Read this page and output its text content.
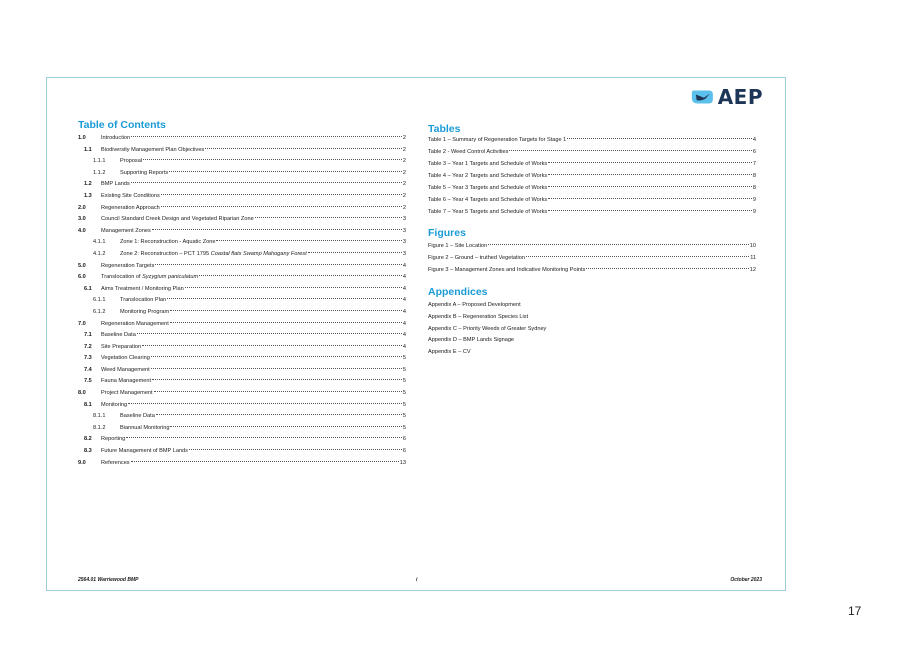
AEP
Table of Contents
1.0	Introduction	2
1.1 Biodiversity Management Plan Objectives	2
1.1.1	Proposal	2
1.1.2	Supporting Reports	2
1.2 BMP Lands	2
1.3 Existing Site Conditions	2
2.0	Regeneration Approach	2
3.0	Council Standard Creek Design and Vegetated Riparian Zone	3
4.0	Management Zones	3
4.1.1	Zone 1: Reconstruction - Aquatic Zone	3
4.1.2	Zone 2: Reconstruction – PCT 1795 Coastal flats Swamp Mahogany Forest	3
5.0	Regeneration Targets	4
6.0	Translocation of Syzygium paniculatum	4
6.1 Aims Treatment / Monitoring Plan	4
6.1.1	Translocation Plan	4
6.1.2	Monitoring Program	4
7.0	Regeneration Management	4
7.1 Baseline Data	4
7.2 Site Preparation	4
7.3 Vegetation Clearing	5
7.4 Weed Management	5
7.5 Fauna Management	5
8.0	Project Management	5
8.1 Monitoring	5
8.1.1	Baseline Data	5
8.1.2	Biannual Monitoring	5
8.2 Reporting	6
8.3 Future Management of BMP Lands	6
9.0	References	13
Tables
Table 1 – Summary of Regeneration Targets for Stage 1	4
Table 2 - Weed Control Activities	6
Table 3 – Year 1 Targets and Schedule of Works	7
Table 4 – Year 2 Targets and Schedule of Works	8
Table 5 – Year 3 Targets and Schedule of Works	8
Table 6 – Year 4 Targets and Schedule of Works	9
Table 7 – Year 5 Targets and Schedule of Works	9
Figures
Figure 1 – Site Location	10
Figure 2 – Ground – truthed Vegetation	11
Figure 3 – Management Zones and Indicative Monitoring Points	12
Appendices
Appendix A – Proposed Development
Appendix B – Regeneration Species List
Appendix C – Priority Weeds of Greater Sydney
Appendix D – BMP Lands Signage
Appendix E – CV
2564.01 Warriewood BMP	i	October 2023
17
